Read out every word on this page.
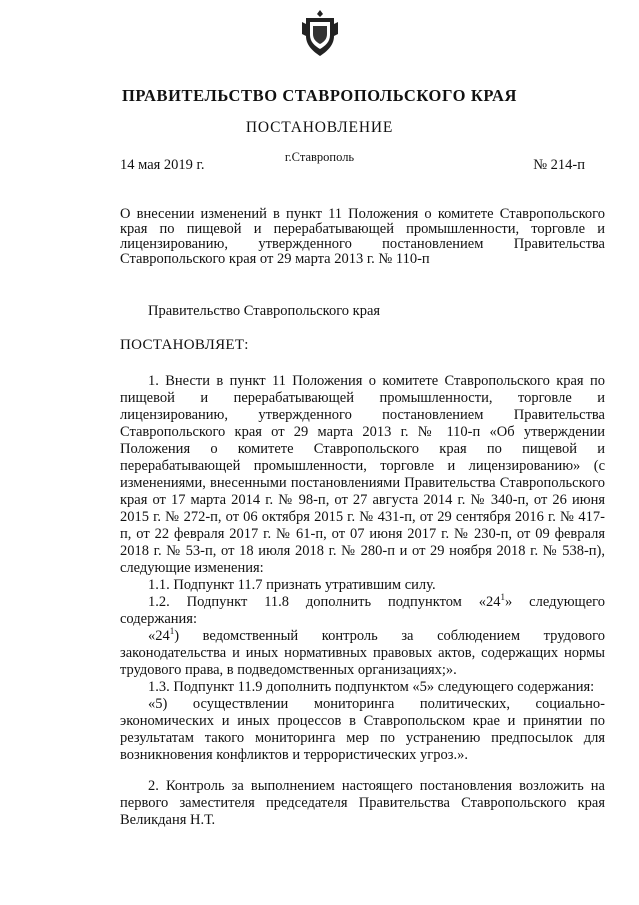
ПРАВИТЕЛЬСТВО СТАВРОПОЛЬСКОГО КРАЯ
ПОСТАНОВЛЕНИЕ
14 мая 2019 г.	г.Ставрополь	№ 214-п
О внесении изменений в пункт 11 Положения о комитете Ставропольского края по пищевой и перерабатывающей промышленности, торговле и лицензированию, утвержденного постановлением Правительства Ставропольского края от 29 марта 2013 г. № 110-п
Правительство Ставропольского края
ПОСТАНОВЛЯЕТ:

1. Внести в пункт 11 Положения о комитете Ставропольского края по пищевой и перерабатывающей промышленности, торговле и лицензированию, утвержденного постановлением Правительства Ставропольского края от 29 марта 2013 г. № 110-п «Об утверждении Положения о комитете Ставропольского края по пищевой и перерабатывающей промышленности, торговле и лицензированию» (с изменениями, внесенными постановлениями Правительства Ставропольского края от 17 марта 2014 г. № 98-п, от 27 августа 2014 г. № 340-п, от 26 июня 2015 г. № 272-п, от 06 октября 2015 г. № 431-п, от 29 сентября 2016 г. № 417-п, от 22 февраля 2017 г. № 61-п, от 07 июня 2017 г. № 230-п, от 09 февраля 2018 г. № 53-п, от 18 июля 2018 г. № 280-п и от 29 ноября 2018 г. № 538-п), следующие изменения:

1.1. Подпункт 11.7 признать утратившим силу.

1.2. Подпункт 11.8 дополнить подпунктом «$24^1$» следующего содержания:

«$24^1$) ведомственный контроль за соблюдением трудового законодательства и иных нормативных правовых актов, содержащих нормы трудового права, в подведомственных организациях;».

1.3. Подпункт 11.9 дополнить подпунктом «5» следующего содержания:

«5) осуществлении мониторинга политических, социально-экономических и иных процессов в Ставропольском крае и принятии по результатам такого мониторинга мер по устранению предпосылок для возникновения конфликтов и террористических угроз.».

2. Контроль за выполнением настоящего постановления возложить на первого заместителя председателя Правительства Ставропольского края Великданя Н.Т.
